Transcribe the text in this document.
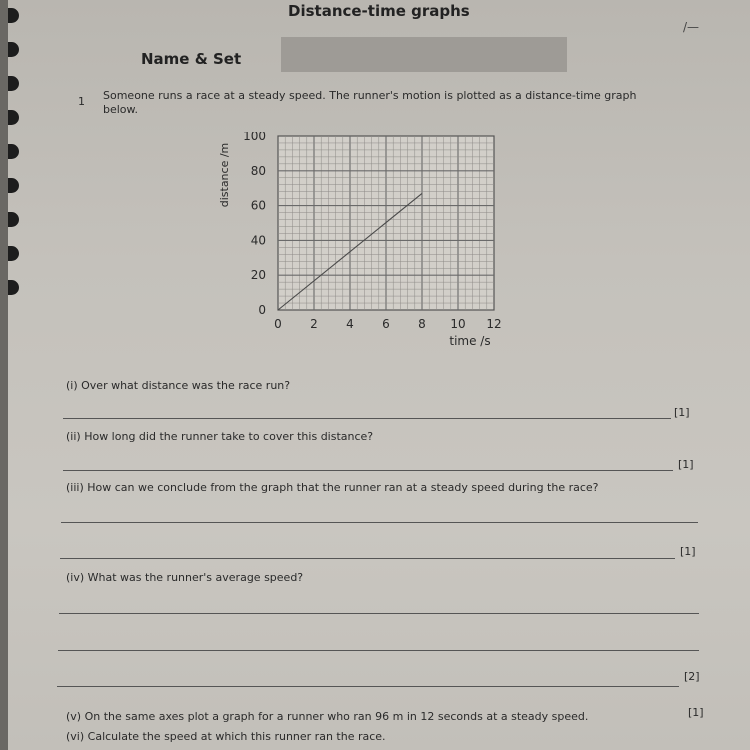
Distance-time graphs
Name & Set
/—
1 Someone runs a race at a steady speed. The runner's motion is plotted as a distance-time graph below.
0 2 4 6 8 10 12
0
20
40
60
80
100
distance /m
time /s
(i) Over what distance was the race run?
[1]
(ii) How long did the runner take to cover this distance?
[1]
(iii) How can we conclude from the graph that the runner ran at a steady speed during the race?
[1]
(iv) What was the runner's average speed?
[2]
(v) On the same axes plot a graph for a runner who ran 96 m in 12 seconds at a steady speed.	[1]
(vi) Calculate the speed at which this runner ran the race.
